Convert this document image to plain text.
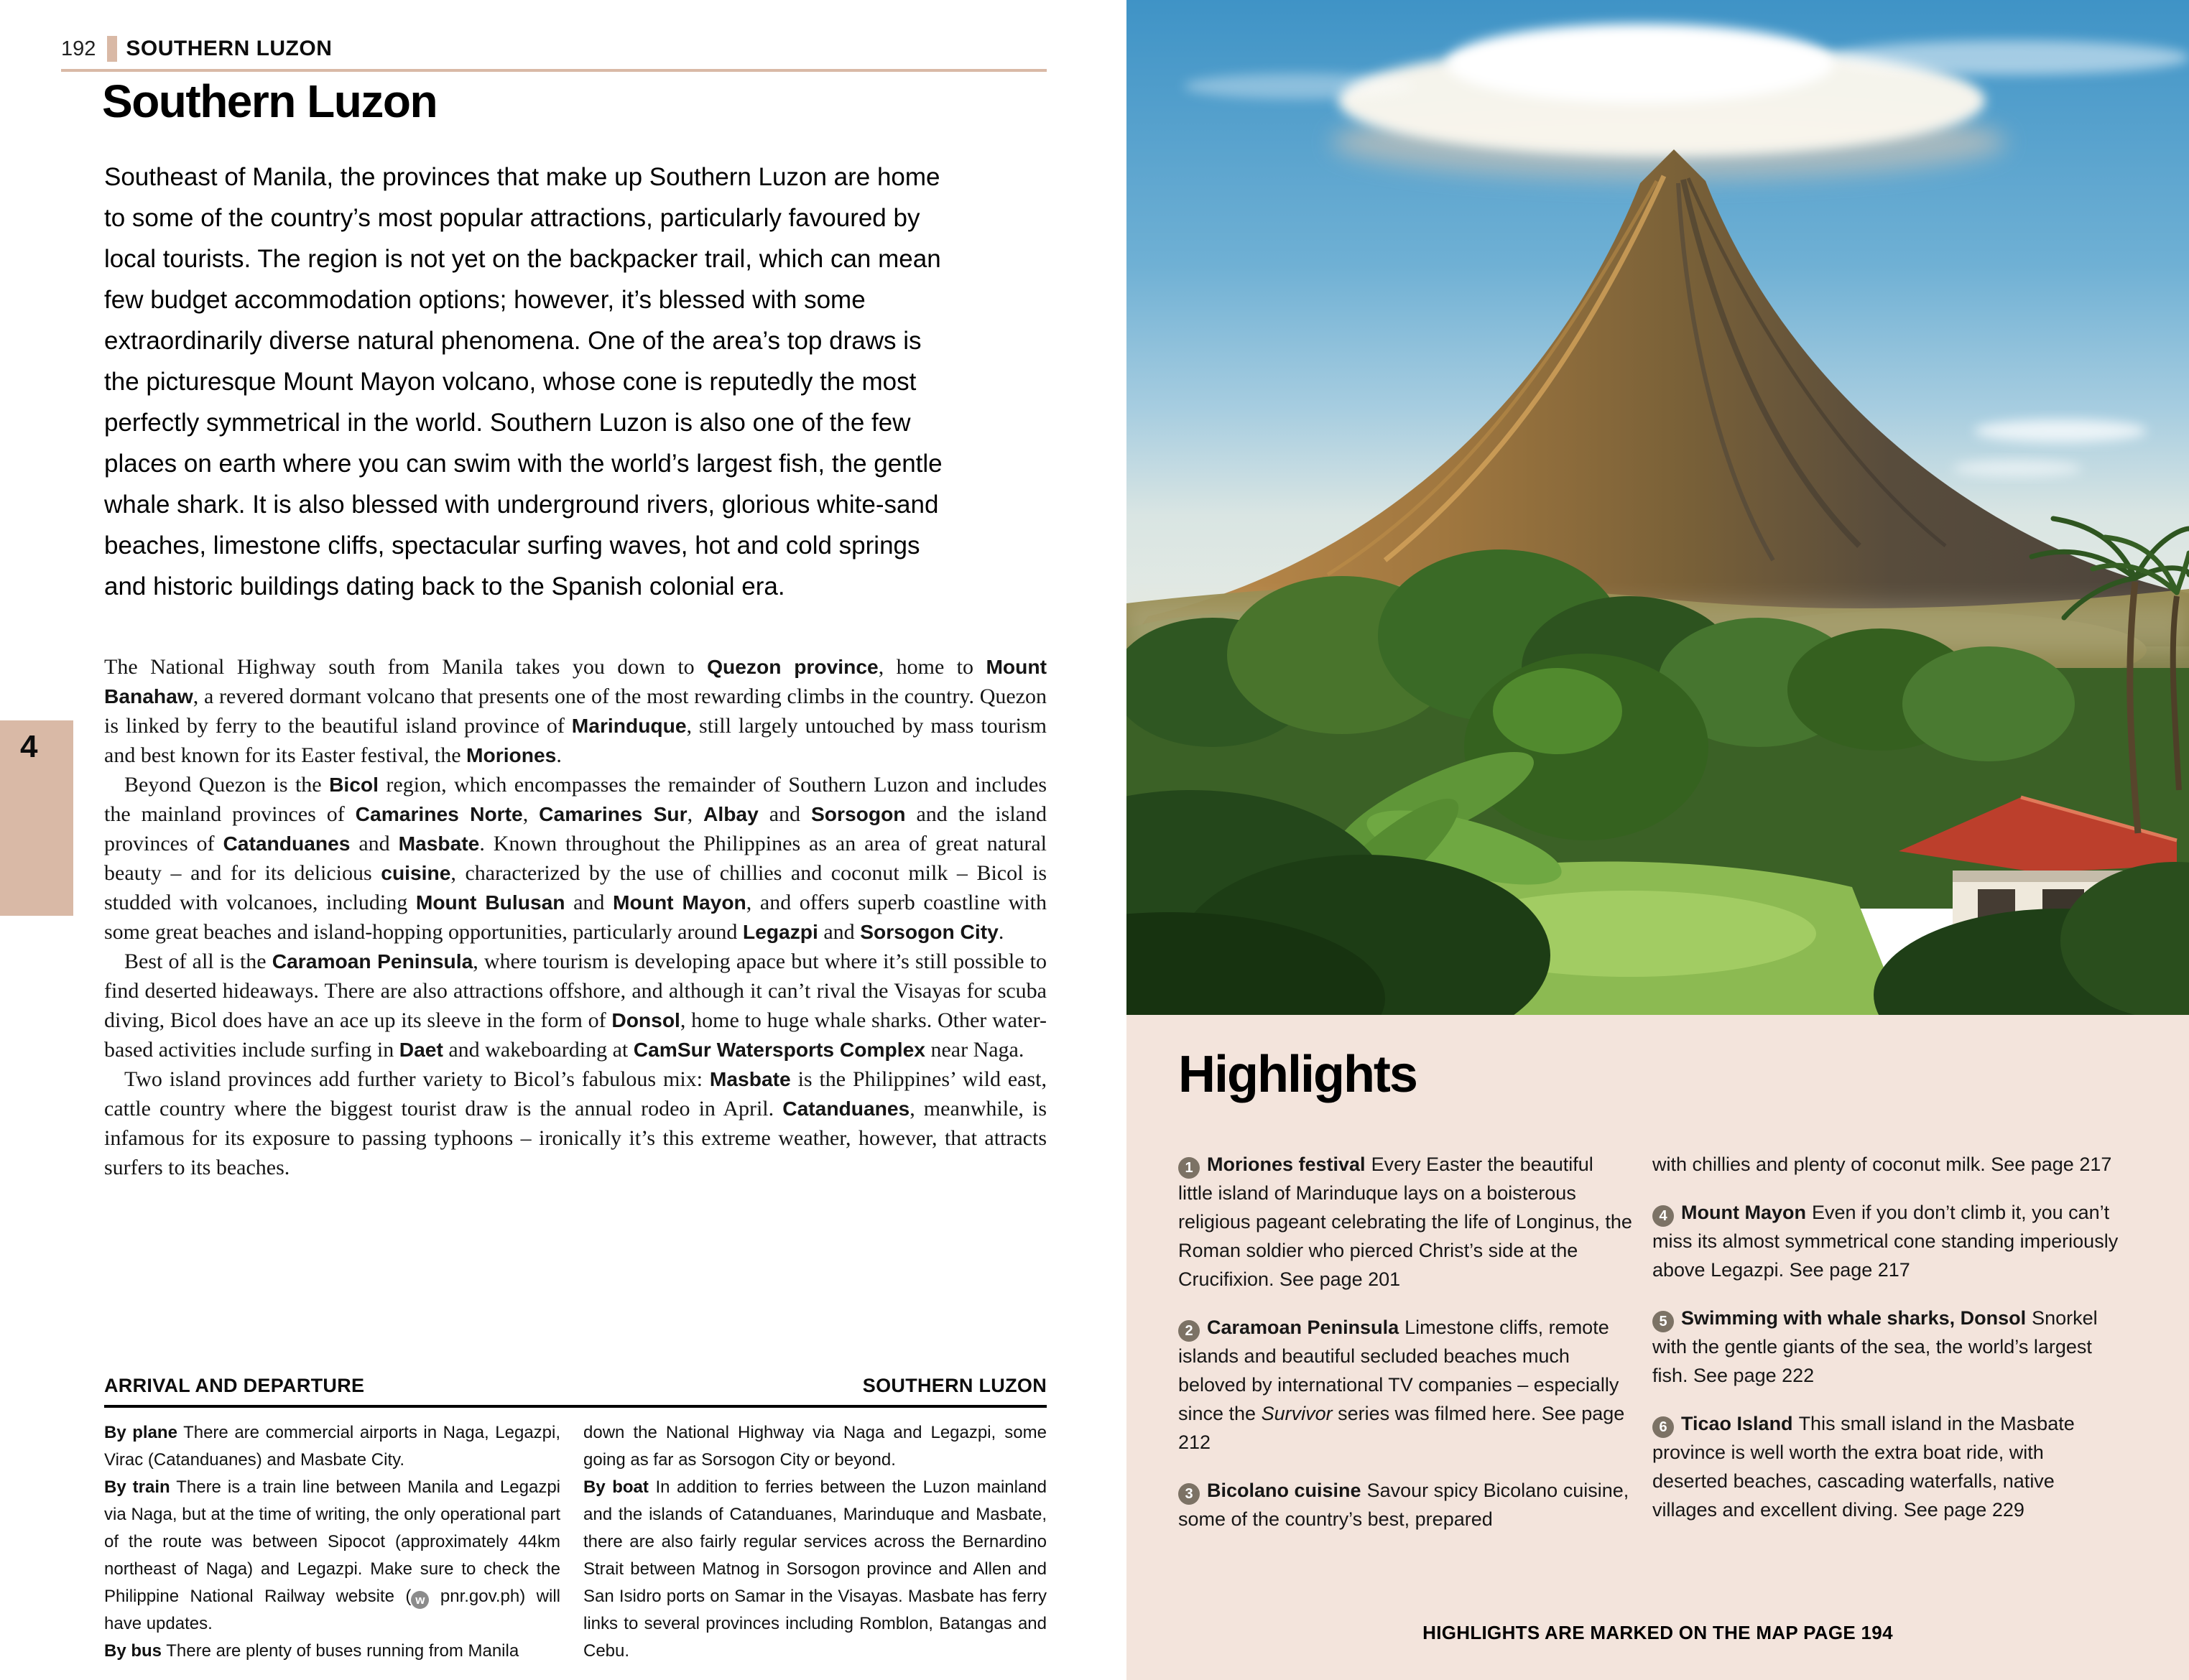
192 SOUTHERN LUZON
Southern Luzon

Southeast of Manila, the provinces that make up Southern Luzon are home to some of the country’s most popular attractions, particularly favoured by local tourists. The region is not yet on the backpacker trail, which can mean few budget accommodation options; however, it’s blessed with some extraordinarily diverse natural phenomena. One of the area’s top draws is the picturesque Mount Mayon volcano, whose cone is reputedly the most perfectly symmetrical in the world. Southern Luzon is also one of the few places on earth where you can swim with the world’s largest fish, the gentle whale shark. It is also blessed with underground rivers, glorious white-sand beaches, limestone cliffs, spectacular surfing waves, hot and cold springs and historic buildings dating back to the Spanish colonial era.

The National Highway south from Manila takes you down to Quezon province, home to Mount Banahaw, a revered dormant volcano that presents one of the most rewarding climbs in the country. Quezon is linked by ferry to the beautiful island province of Marinduque, still largely untouched by mass tourism and best known for its Easter festival, the Moriones.

Beyond Quezon is the Bicol region, which encompasses the remainder of Southern Luzon and includes the mainland provinces of Camarines Norte, Camarines Sur, Albay and Sorsogon and the island provinces of Catanduanes and Masbate. Known throughout the Philippines as an area of great natural beauty – and for its delicious cuisine, characterized by the use of chillies and coconut milk – Bicol is studded with volcanoes, including Mount Bulusan and Mount Mayon, and offers superb coastline with some great beaches and island-hopping opportunities, particularly around Legazpi and Sorsogon City.

Best of all is the Caramoan Peninsula, where tourism is developing apace but where it’s still possible to find deserted hideaways. There are also attractions offshore, and although it can’t rival the Visayas for scuba diving, Bicol does have an ace up its sleeve in the form of Donsol, home to huge whale sharks. Other water-based activities include surfing in Daet and wakeboarding at CamSur Watersports Complex near Naga.

Two island provinces add further variety to Bicol’s fabulous mix: Masbate is the Philippines’ wild east, cattle country where the biggest tourist draw is the annual rodeo in April. Catanduanes, meanwhile, is infamous for its exposure to passing typhoons – ironically it’s this extreme weather, however, that attracts surfers to its beaches.

4
ARRIVAL AND DEPARTURE	SOUTHERN LUZON

By plane There are commercial airports in Naga, Legazpi, Virac (Catanduanes) and Masbate City.

By train There is a train line between Manila and Legazpi via Naga, but at the time of writing, the only operational part of the route was between Sipocot (approximately 44km northeast of Naga) and Legazpi. Make sure to check the Philippine National Railway website ( w pnr.gov.ph) will have updates.

By bus There are plenty of buses running from Manila

down the National Highway via Naga and Legazpi, some going as far as Sorsogon City or beyond.

By boat In addition to ferries between the Luzon mainland and the islands of Catanduanes, Marinduque and Masbate, there are also fairly regular services across the Bernardino Strait between Matnog in Sorsogon province and Allen and San Isidro ports on Samar in the Visayas. Masbate has ferry links to several provinces including Romblon, Batangas and Cebu.

Highlights

1 Moriones festival Every Easter the beautiful little island of Marinduque lays on a boisterous religious pageant celebrating the life of Longinus, the Roman soldier who pierced Christ’s side at the Crucifixion. See page 201

2 Caramoan Peninsula Limestone cliffs, remote islands and beautiful secluded beaches much beloved by international TV companies – especially since the Survivor series was filmed here. See page 212

3 Bicolano cuisine Savour spicy Bicolano cuisine, some of the country’s best, prepared

with chillies and plenty of coconut milk. See page 217

4 Mount Mayon Even if you don’t climb it, you can’t miss its almost symmetrical cone standing imperiously above Legazpi. See page 217

5 Swimming with whale sharks, Donsol Snorkel with the gentle giants of the sea, the world’s largest fish. See page 222

6 Ticao Island This small island in the Masbate province is well worth the extra boat ride, with deserted beaches, cascading waterfalls, native villages and excellent diving. See page 229

HIGHLIGHTS ARE MARKED ON THE MAP PAGE 194
